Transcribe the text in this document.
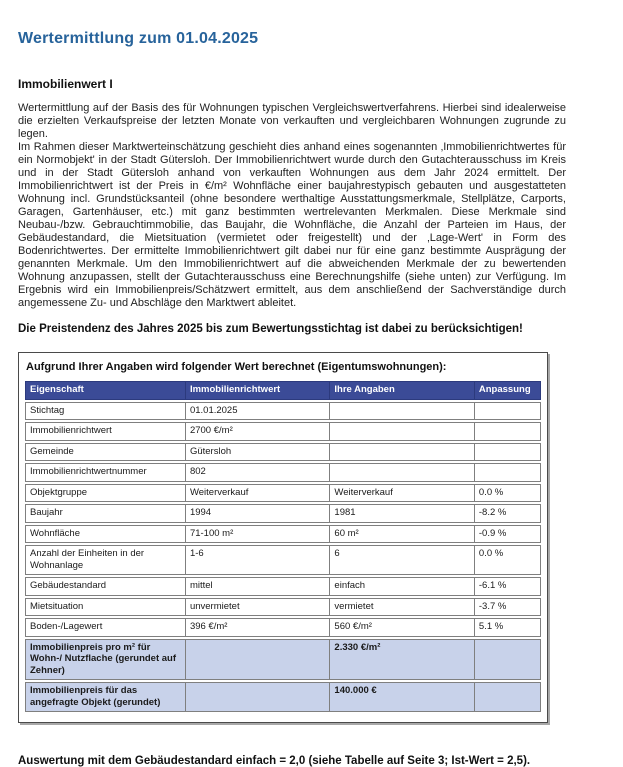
Wertermittlung zum 01.04.2025
Immobilienwert I

Wertermittlung auf der Basis des für Wohnungen typischen Vergleichswertverfahrens. Hierbei sind idealerweise die erzielten Verkaufspreise der letzten Monate von verkauften und vergleichbaren Wohnungen zugrunde zu legen.

Im Rahmen dieser Marktwerteinschätzung geschieht dies anhand eines sogenannten ‚Immobilienrichtwertes für ein Normobjekt' in der Stadt Gütersloh. Der Immobilienrichtwert wurde durch den Gutachterausschuss im Kreis und in der Stadt Gütersloh anhand von verkauften Wohnungen aus dem Jahr 2024 ermittelt. Der Immobilienrichtwert ist der Preis in €/m² Wohnfläche einer baujahrestypisch gebauten und ausgestatteten Wohnung incl. Grundstücksanteil (ohne besondere werthaltige Ausstattungsmerkmale, Stellplätze, Carports, Garagen, Gartenhäuser, etc.) mit ganz bestimmten wertrelevanten Merkmalen. Diese Merkmale sind Neubau-/bzw. Gebrauchtimmobilie, das Baujahr, die Wohnfläche, die Anzahl der Parteien im Haus, der Gebäudestandard, die Mietsituation (vermietet oder freigestellt) und der ‚Lage-Wert' in Form des Bodenrichtwertes. Der ermittelte Immobilienrichtwert gilt dabei nur für eine ganz bestimmte Ausprägung der genannten Merkmale. Um den Immobilienrichtwert auf die abweichenden Merkmale der zu bewertenden Wohnung anzupassen, stellt der Gutachterausschuss eine Berechnungshilfe (siehe unten) zur Verfügung. Im Ergebnis wird ein Immobilienpreis/Schätzwert ermittelt, aus dem anschließend der Sachverständige durch angemessene Zu- und Abschläge den Marktwert ableitet.

Die Preistendenz des Jahres 2025 bis zum Bewertungsstichtag ist dabei zu berücksichtigen!
Aufgrund Ihrer Angaben wird folgender Wert berechnet (Eigentumswohnungen):
Eigenschaft	Immobilienrichtwert	Ihre Angaben	Anpassung
Stichtag	01.01.2025		
Immobilienrichtwert	2700 €/m²		
Gemeinde	Gütersloh		
Immobilienrichtwertnummer	802		
Objektgruppe	Weiterverkauf	Weiterverkauf	0.0 %
Baujahr	1994	1981	-8.2 %
Wohnfläche	71-100 m²	60 m²	-0.9 %
Anzahl der Einheiten in der Wohnanlage	1-6	6	0.0 %
Gebäudestandard	mittel	einfach	-6.1 %
Mietsituation	unvermietet	vermietet	-3.7 %
Boden-/Lagewert	396 €/m²	560 €/m²	5.1 %
Immobilienpreis pro m² für Wohn-/ Nutzflache (gerundet auf Zehner)		2.330 €/m²	
Immobilienpreis für das angefragte Objekt (gerundet)		140.000 €	
Auswertung mit dem Gebäudestandard einfach = 2,0 (siehe Tabelle auf Seite 3; Ist-Wert = 2,5).
